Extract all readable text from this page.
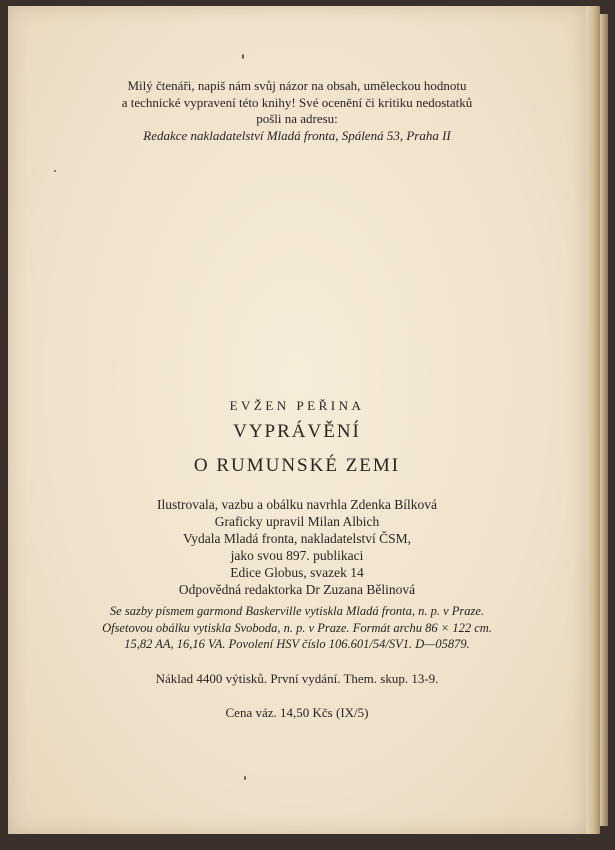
Milý čtenáři, napiš nám svůj názor na obsah, uměleckou hodnotu
a technické vypravení této knihy! Své ocenění či kritiku nedostatků
pošli na adresu:
Redakce nakladatelství Mladá fronta, Spálená 53, Praha II
EVŽEN PEŘINA
VYPRÁVĚNÍ
O RUMUNSKÉ ZEMI
Ilustrovala, vazbu a obálku navrhla Zdenka Bílková
Graficky upravil Milan Albich
Vydala Mladá fronta, nakladatelství ČSM,
jako svou 897. publikaci
Edice Globus, svazek 14
Odpovědná redaktorka Dr Zuzana Bělinová
Se sazby písmem garmond Baskerville vytiskla Mladá fronta, n. p. v Praze.
Ofsetovou obálku vytiskla Svoboda, n. p. v Praze. Formát archu 86 × 122 cm.
15,82 AA, 16,16 VA. Povolení HSV číslo 106.601/54/SV1. D—05879.
Náklad 4400 výtisků. První vydání. Them. skup. 13-9.
Cena váz. 14,50 Kčs (IX/5)
